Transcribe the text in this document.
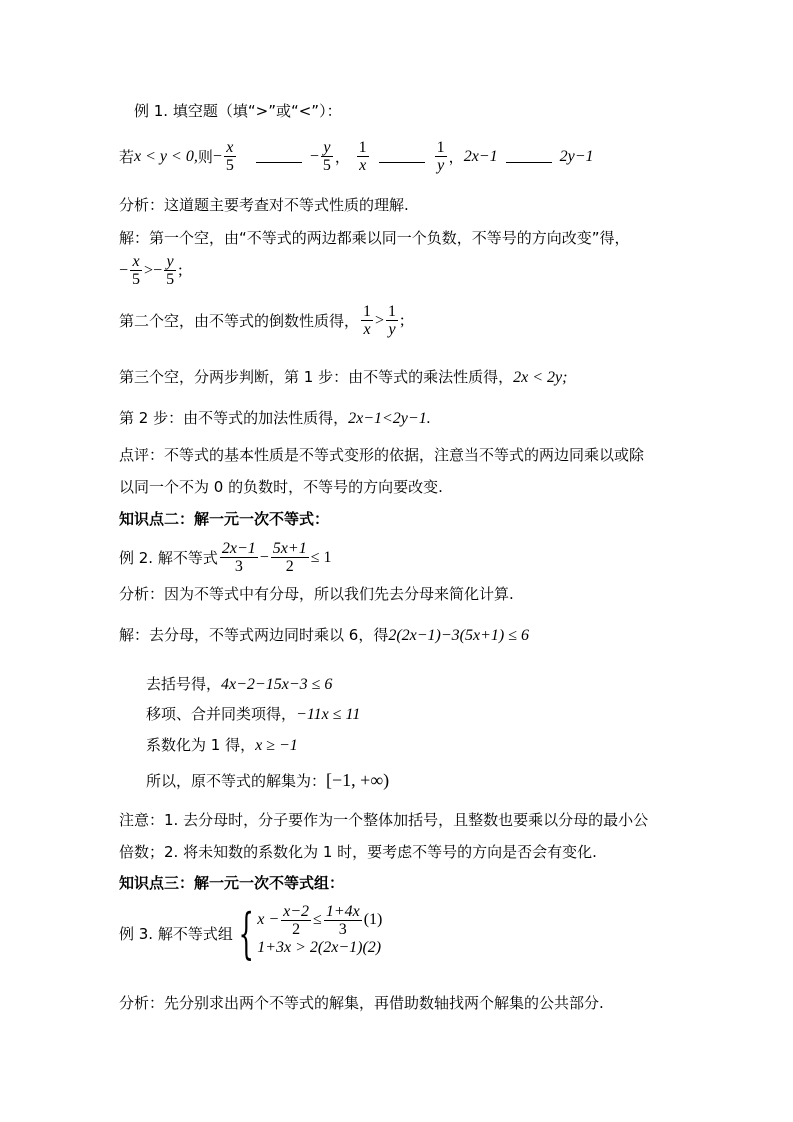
例 1. 填空题（填“>”或“<”）：
若 x < y < 0, 则 − $\frac{x}{5}$	− $\frac{y}{5}$ ， $\frac{1}{x}$	$\frac{1}{y}$ ， 2x−1	2y−1
分析：这道题主要考查对不等式性质的理解.
解：第一个空，由“不等式的两边都乘以同一个负数，不等号的方向改变”得，
− $\frac{x}{5}$ > − $\frac{y}{5}$ ;
第二个空，由不等式的倒数性质得， $\frac{1}{x} > \frac{1}{y}$ ;
第三个空，分两步判断，第 1 步：由不等式的乘法性质得，2x < 2y;
第 2 步：由不等式的加法性质得，2x−1<2y−1.
点评：不等式的基本性质是不等式变形的依据，注意当不等式的两边同乘以或除
以同一个不为 0 的负数时，不等号的方向要改变.
知识点二：解一元一次不等式：
例 2. 解不等式 $\frac{2x-1}{3} - \frac{5x+1}{2} \le 1$
分析：因为不等式中有分母，所以我们先去分母来简化计算.
解：去分母，不等式两边同时乘以 6，得2(2x−1)−3(5x+1) ≤ 6
去括号得，4x−2−15x−3 ≤ 6
移项、合并同类项得，−11x ≤ 11
系数化为 1 得，x ≥ −1
所以，原不等式的解集为：[−1, +∞)
注意：1. 去分母时，分子要作为一个整体加括号，且整数也要乘以分母的最小公
倍数；2. 将未知数的系数化为 1 时，要考虑不等号的方向是否会有变化.
知识点三：解一元一次不等式组：
例 3. 解不等式组 { $x - \frac{x-2}{2} \le \frac{1+4x}{3} (1)$
1+3x > 2(2x−1)(2)
分析：先分别求出两个不等式的解集，再借助数轴找两个解集的公共部分.
